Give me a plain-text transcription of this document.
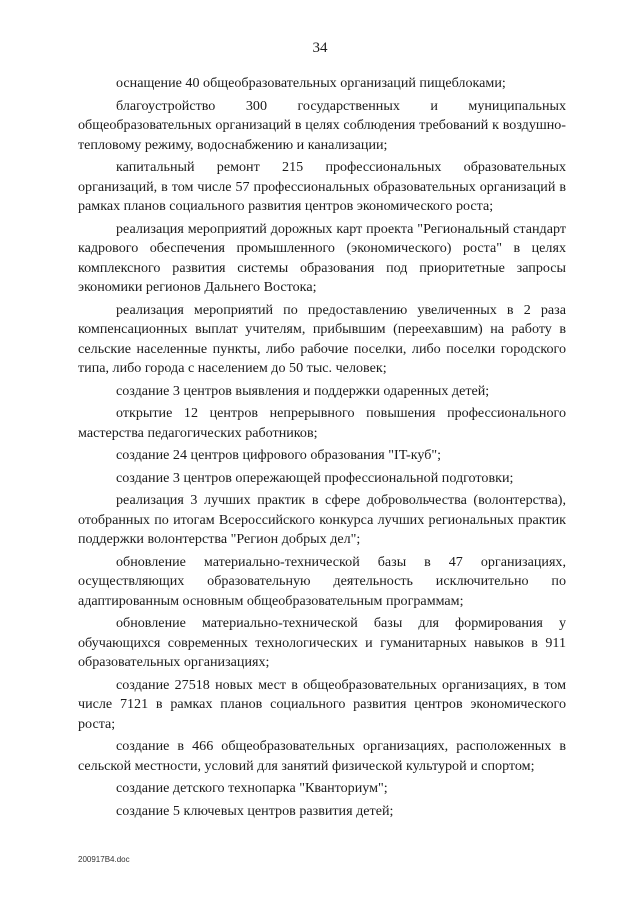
34

оснащение 40 общеобразовательных организаций пищеблоками;

благоустройство 300 государственных и муниципальных общеобразовательных организаций в целях соблюдения требований к воздушно-тепловому режиму, водоснабжению и канализации;

капитальный ремонт 215 профессиональных образовательных организаций, в том числе 57 профессиональных образовательных организаций в рамках планов социального развития центров экономического роста;

реализация мероприятий дорожных карт проекта "Региональный стандарт кадрового обеспечения промышленного (экономического) роста" в целях комплексного развития системы образования под приоритетные запросы экономики регионов Дальнего Востока;

реализация мероприятий по предоставлению увеличенных в 2 раза компенсационных выплат учителям, прибывшим (переехавшим) на работу в сельские населенные пункты, либо рабочие поселки, либо поселки городского типа, либо города с населением до 50 тыс. человек;

создание 3 центров выявления и поддержки одаренных детей;

открытие 12 центров непрерывного повышения профессионального мастерства педагогических работников;

создание 24 центров цифрового образования "IT-куб";

создание 3 центров опережающей профессиональной подготовки;

реализация 3 лучших практик в сфере добровольчества (волонтерства), отобранных по итогам Всероссийского конкурса лучших региональных практик поддержки волонтерства "Регион добрых дел";

обновление материально-технической базы в 47 организациях, осуществляющих образовательную деятельность исключительно по адаптированным основным общеобразовательным программам;

обновление материально-технической базы для формирования у обучающихся современных технологических и гуманитарных навыков в 911 образовательных организациях;

создание 27518 новых мест в общеобразовательных организациях, в том числе 7121 в рамках планов социального развития центров экономического роста;

создание в 466 общеобразовательных организациях, расположенных в сельской местности, условий для занятий физической культурой и спортом;

создание детского технопарка "Кванториум";

создание 5 ключевых центров развития детей;

200917В4.doc
